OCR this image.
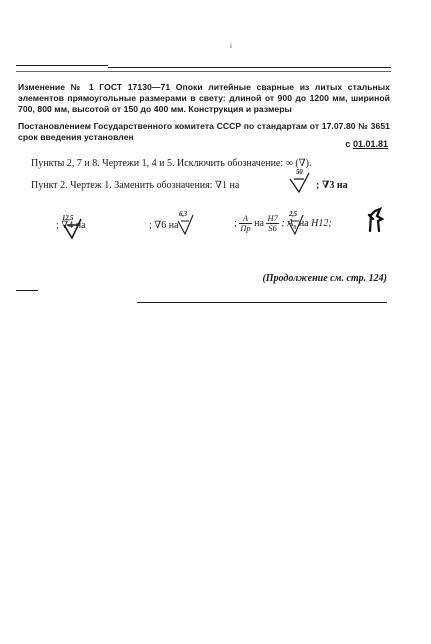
Изменение № 1 ГОСТ 17130—71 Опоки литейные сварные из литых стальных элементов прямоугольные размерами в свету: длиной от 900 до 1200 мм, шириной 700, 800 мм, высотой от 150 до 400 мм. Конструкция и размеры

Постановлением Государственного комитета СССР по стандартам от 17.07.80 № 3651 срок введения установлен

с 01.01.81
Пункты 2, 7 и 8. Чертежи 1, 4 и 5. Исключить обозначение: ∞ (∇).
Пункт 2. Чертеж 1. Заменить обозначения: ∇1 на
50

; ∇3 на
12,5

; ∇4 на
6,3

; ∇6 на
2,5
; $\frac{А}{Пр}$ на $\frac{H7}{S6}$ ; $А_8$ на H12;
(Продолжение см. стр. 124)
i
